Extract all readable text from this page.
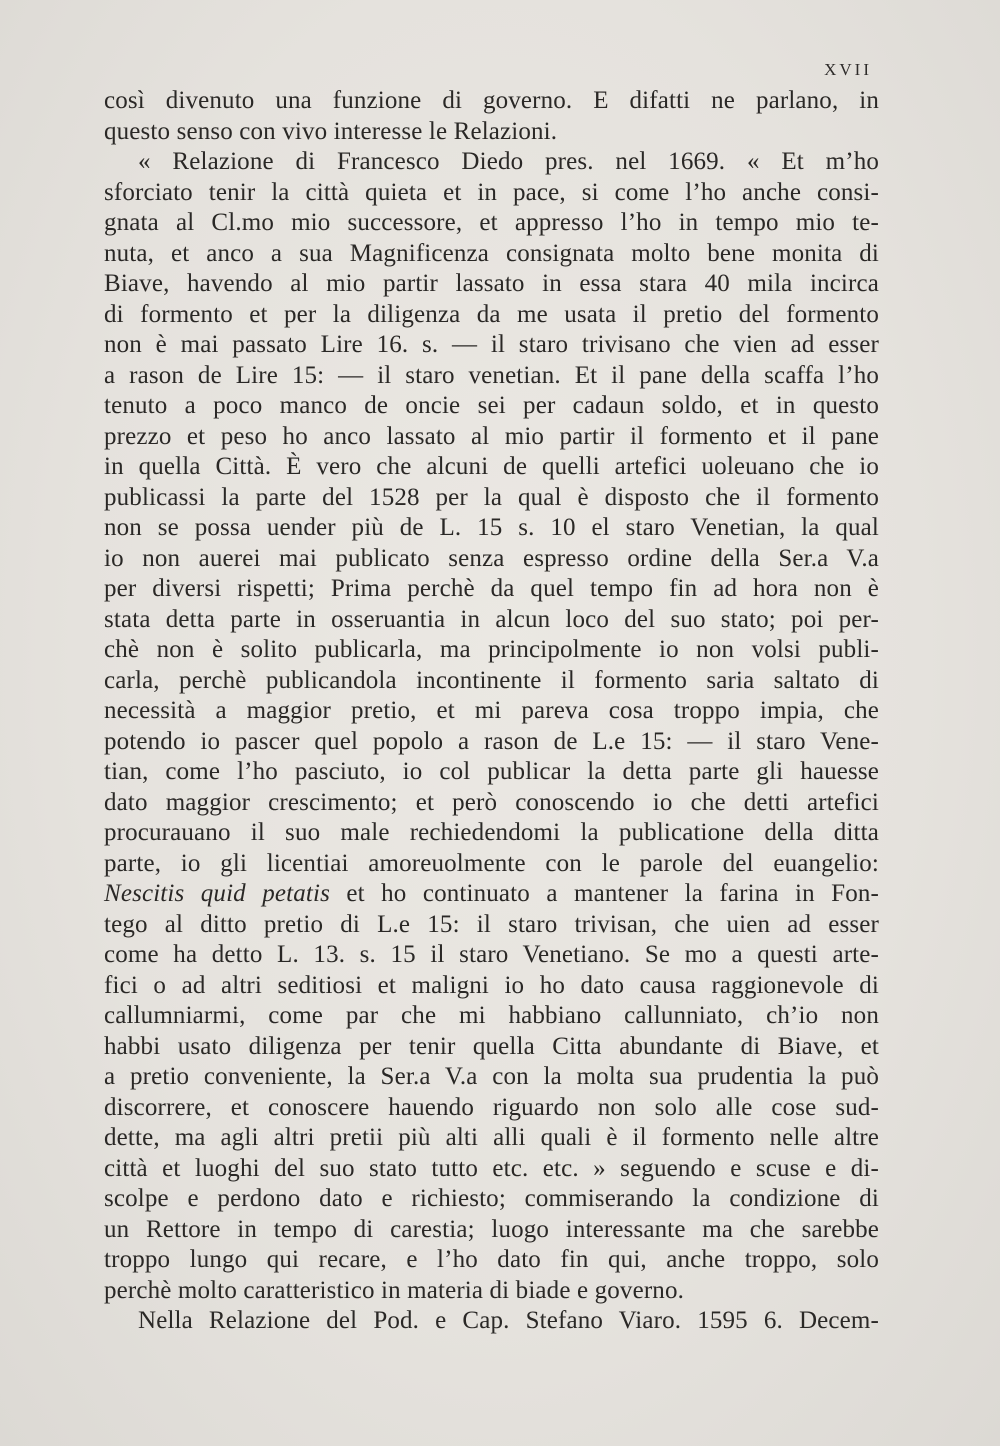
XVII
così divenuto una funzione di governo. E difatti ne parlano, in
questo senso con vivo interesse le Relazioni.
« Relazione di Francesco Diedo pres. nel 1669. « Et m’ho
sforciato tenir la città quieta et in pace, si come l’ho anche consi-
gnata al Cl.mo mio successore, et appresso l’ho in tempo mio te-
nuta, et anco a sua Magnificenza consignata molto bene monita di
Biave, havendo al mio partir lassato in essa stara 40 mila incirca
di formento et per la diligenza da me usata il pretio del formento
non è mai passato Lire 16. s. — il staro trivisano che vien ad esser
a rason de Lire 15: — il staro venetian. Et il pane della scaffa l’ho
tenuto a poco manco de oncie sei per cadaun soldo, et in questo
prezzo et peso ho anco lassato al mio partir il formento et il pane
in quella Città. È vero che alcuni de quelli artefici uoleuano che io
publicassi la parte del 1528 per la qual è disposto che il formento
non se possa uender più de L. 15 s. 10 el staro Venetian, la qual
io non auerei mai publicato senza espresso ordine della Ser.a V.a
per diversi rispetti; Prima perchè da quel tempo fin ad hora non è
stata detta parte in osseruantia in alcun loco del suo stato; poi per-
chè non è solito publicarla, ma principolmente io non volsi publi-
carla, perchè publicandola incontinente il formento saria saltato di
necessità a maggior pretio, et mi pareva cosa troppo impia, che
potendo io pascer quel popolo a rason de L.e 15: — il staro Vene-
tian, come l’ho pasciuto, io col publicar la detta parte gli hauesse
dato maggior crescimento; et però conoscendo io che detti artefici
procurauano il suo male rechiedendomi la publicatione della ditta
parte, io gli licentiai amoreuolmente con le parole del euangelio:
Nescitis quid petatis et ho continuato a mantener la farina in Fon-
tego al ditto pretio di L.e 15: il staro trivisan, che uien ad esser
come ha detto L. 13. s. 15 il staro Venetiano. Se mo a questi arte-
fici o ad altri seditiosi et maligni io ho dato causa raggionevole di
callumniarmi, come par che mi habbiano callunniato, ch’io non
habbi usato diligenza per tenir quella Citta abundante di Biave, et
a pretio conveniente, la Ser.a V.a con la molta sua prudentia la può
discorrere, et conoscere hauendo riguardo non solo alle cose sud-
dette, ma agli altri pretii più alti alli quali è il formento nelle altre
città et luoghi del suo stato tutto etc. etc. » seguendo e scuse e di-
scolpe e perdono dato e richiesto; commiserando la condizione di
un Rettore in tempo di carestia; luogo interessante ma che sarebbe
troppo lungo qui recare, e l’ho dato fin qui, anche troppo, solo
perchè molto caratteristico in materia di biade e governo.
Nella Relazione del Pod. e Cap. Stefano Viaro. 1595 6. Decem-
